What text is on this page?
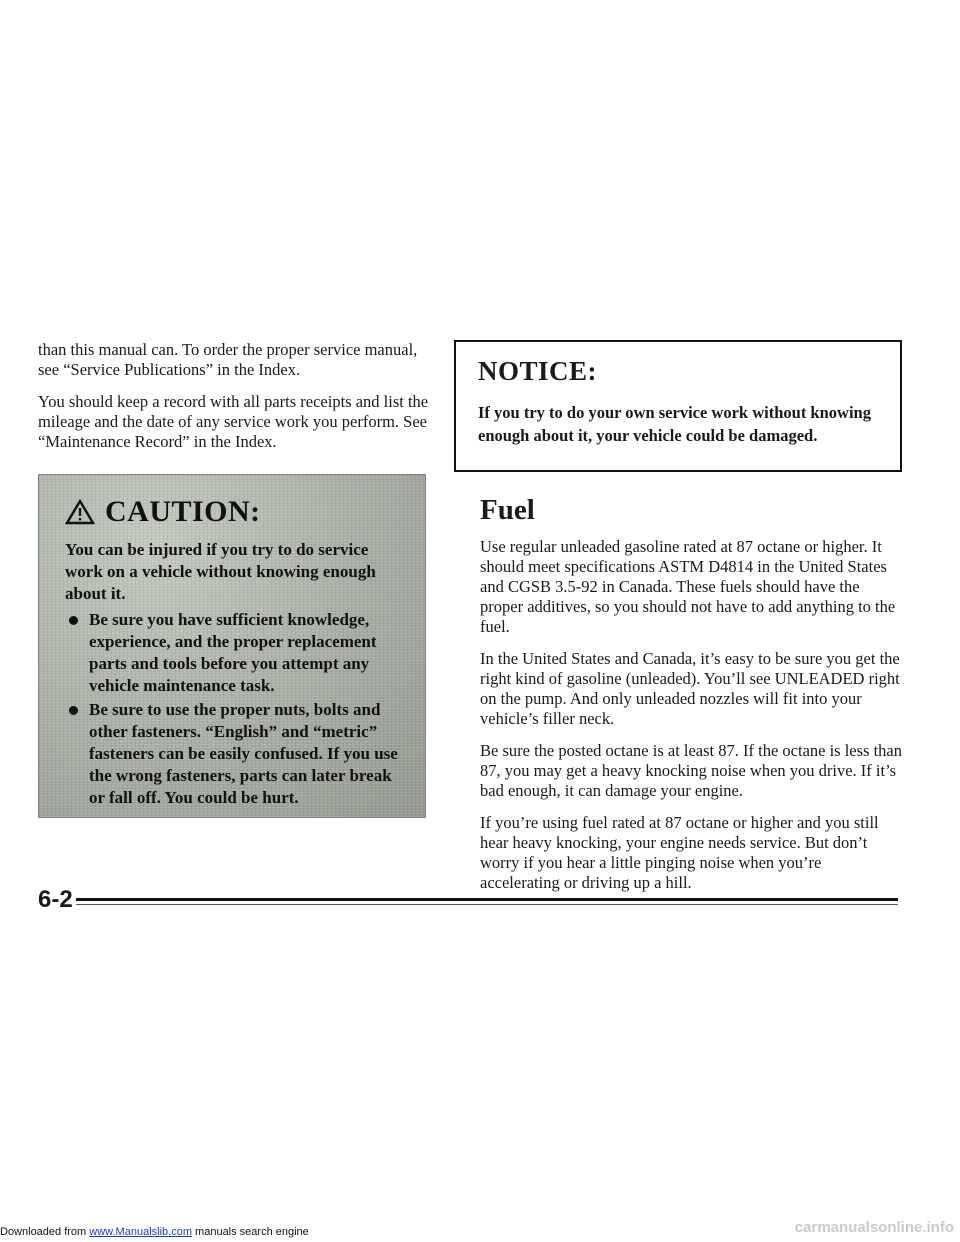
than this manual can. To order the proper service manual, see “Service Publications” in the Index.

You should keep a record with all parts receipts and list the mileage and the date of any service work you perform. See “Maintenance Record” in the Index.

CAUTION:

You can be injured if you try to do service work on a vehicle without knowing enough about it.

Be sure you have sufficient knowledge, experience, and the proper replacement parts and tools before you attempt any vehicle maintenance task.
Be sure to use the proper nuts, bolts and other fasteners. “English” and “metric” fasteners can be easily confused. If you use the wrong fasteners, parts can later break or fall off. You could be hurt.

NOTICE:

If you try to do your own service work without knowing enough about it, your vehicle could be damaged.

Fuel

Use regular unleaded gasoline rated at 87 octane or higher. It should meet specifications ASTM D4814 in the United States and CGSB 3.5-92 in Canada. These fuels should have the proper additives, so you should not have to add anything to the fuel.

In the United States and Canada, it’s easy to be sure you get the right kind of gasoline (unleaded). You’ll see UNLEADED right on the pump. And only unleaded nozzles will fit into your vehicle’s filler neck.

Be sure the posted octane is at least 87. If the octane is less than 87, you may get a heavy knocking noise when you drive. If it’s bad enough, it can damage your engine.

If you’re using fuel rated at 87 octane or higher and you still hear heavy knocking, your engine needs service. But don’t worry if you hear a little pinging noise when you’re accelerating or driving up a hill.

6-2
Downloaded from www.Manualslib.com manuals search engine	carmanualsonline.info
